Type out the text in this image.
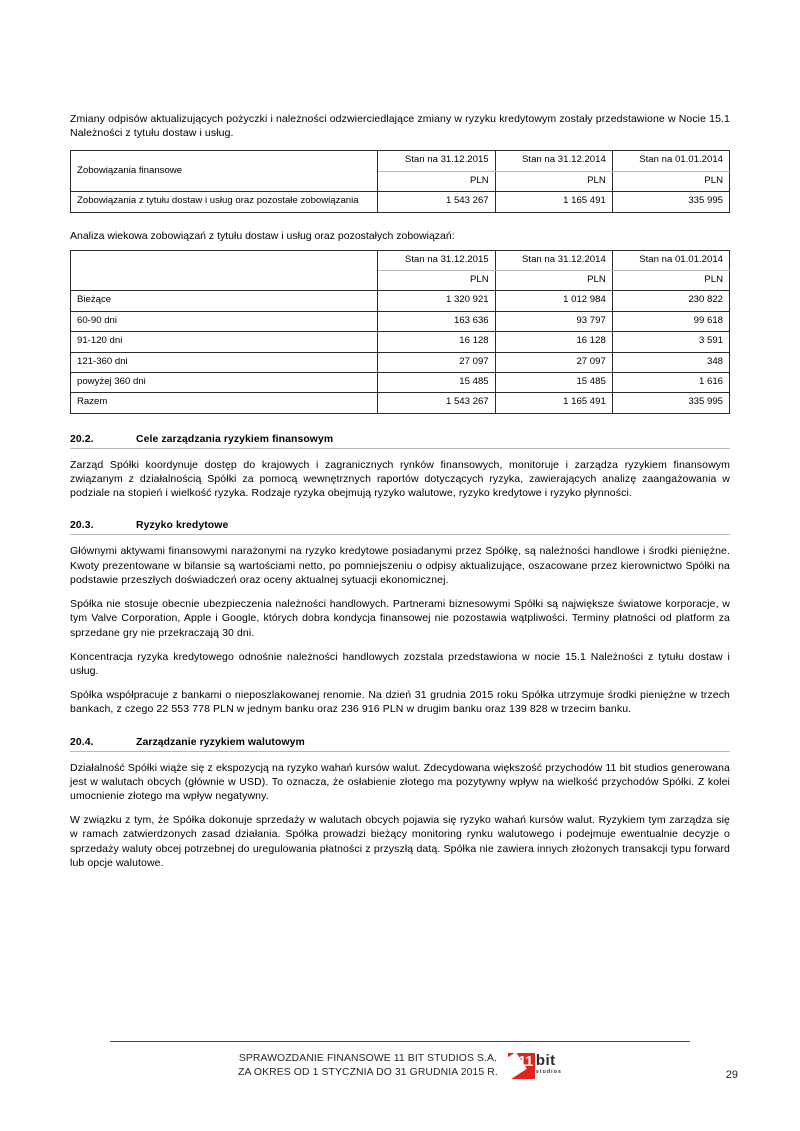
Zmiany odpisów aktualizujących pożyczki i należności odzwierciedlające zmiany w ryzyku kredytowym zostały przedstawione w Nocie 15.1 Należności z tytułu dostaw i usług.

Zobowiązania finansowe	Stan na 31.12.2015	Stan na 31.12.2014	Stan na 01.01.2014
	PLN	PLN	PLN
Zobowiązania z tytułu dostaw i usług oraz pozostałe zobowiązania	1 543 267	1 165 491	335 995

Analiza wiekowa zobowiązań z tytułu dostaw i usług oraz pozostałych zobowiązań:

	Stan na 31.12.2015	Stan na 31.12.2014	Stan na 01.01.2014
	PLN	PLN	PLN
Bieżące	1 320 921	1 012 984	230 822
60-90 dni	163 636	93 797	99 618
91-120 dni	16 128	16 128	3 591
121-360 dni	27 097	27 097	348
powyżej 360 dni	15 485	15 485	1 616
Razem	1 543 267	1 165 491	335 995
20.2.	Cele zarządzania ryzykiem finansowym

Zarząd Spółki koordynuje dostęp do krajowych i zagranicznych rynków finansowych, monitoruje i zarządza ryzykiem finansowym związanym z działalnością Spółki za pomocą wewnętrznych raportów dotyczących ryzyka, zawierających analizę zaangażowania w podziale na stopień i wielkość ryzyka. Rodzaje ryzyka obejmują ryzyko walutowe, ryzyko kredytowe i ryzyko płynności.

20.3.	Ryzyko kredytowe

Głównymi aktywami finansowymi narażonymi na ryzyko kredytowe posiadanymi przez Spółkę, są należności handlowe i środki pieniężne. Kwoty prezentowane w bilansie są wartościami netto, po pomniejszeniu o odpisy aktualizujące, oszacowane przez kierownictwo Spółki na podstawie przeszłych doświadczeń oraz oceny aktualnej sytuacji ekonomicznej.

Spółka nie stosuje obecnie ubezpieczenia należności handlowych. Partnerami biznesowymi Spółki są największe światowe korporacje, w tym Valve Corporation, Apple i Google, których dobra kondycja finansowej nie pozostawia wątpliwości. Terminy płatności od platform za sprzedane gry nie przekraczają 30 dni.

Koncentracja ryzyka kredytowego odnośnie należności handlowych zozstala przedstawiona w nocie 15.1 Należności z tytułu dostaw i usług.

Spółka współpracuje z bankami o nieposzlakowanej renomie. Na dzień 31 grudnia 2015 roku Spółka utrzymuje środki pieniężne w trzech bankach, z czego 22 553 778 PLN w jednym banku oraz 236 916 PLN w drugim banku oraz 139 828 w trzecim banku.

20.4.	Zarządzanie ryzykiem walutowym

Działalność Spółki wiąże się z ekspozycją na ryzyko wahań kursów walut. Zdecydowana większość przychodów 11 bit studios generowana jest w walutach obcych (głównie w USD). To oznacza, że osłabienie złotego ma pozytywny wpływ na wielkość przychodów Spółki. Z kolei umocnienie złotego ma wpływ negatywny.

W związku z tym, że Spółka dokonuje sprzedaży w walutach obcych pojawia się ryzyko wahań kursów walut. Ryzykiem tym zarządza się w ramach zatwierdzonych zasad działania. Spółka prowadzi bieżący monitoring rynku walutowego i podejmuje ewentualnie decyzje o sprzedaży waluty obcej potrzebnej do uregulowania płatności z przyszłą datą. Spółka nie zawiera innych złożonych transakcji typu forward lub opcje walutowe.

SPRAWOZDANIE FINANSOWE 11 BIT STUDIOS S.A.
ZA OKRES OD 1 STYCZNIA DO 31 GRUDNIA 2015 R.
11 bit
studios	29
